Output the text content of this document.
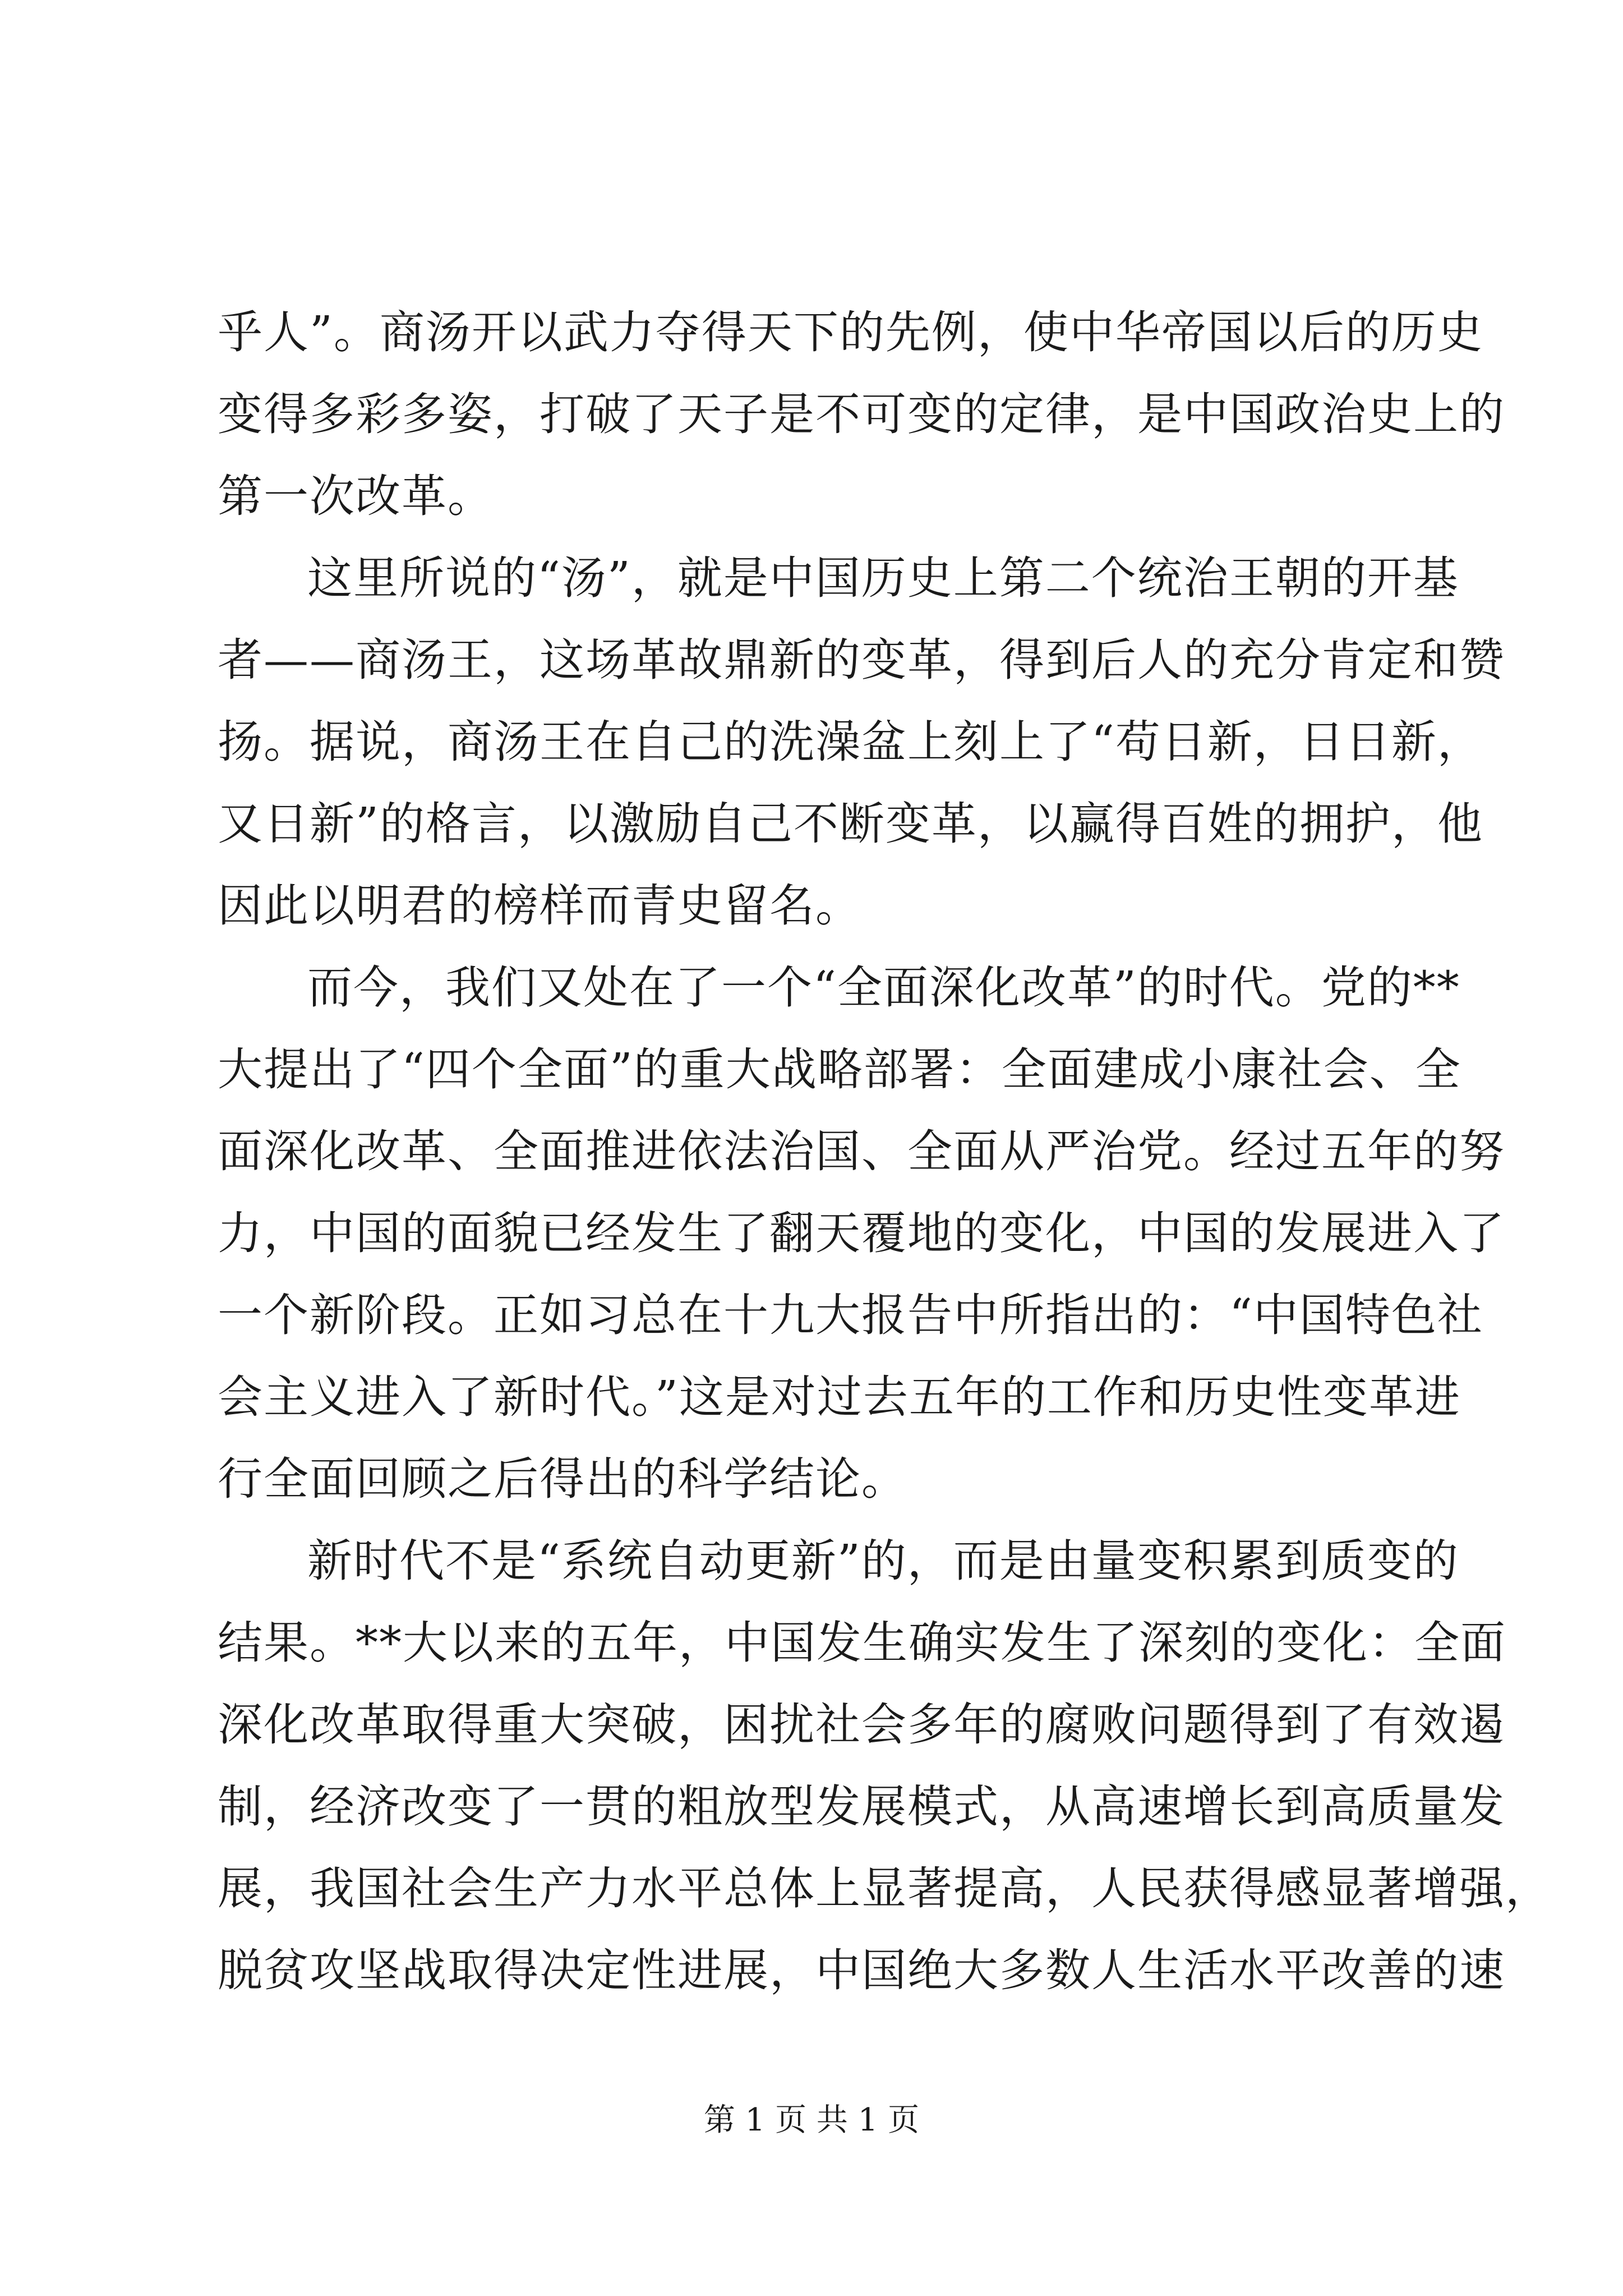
乎人”。商汤开以武力夺得天下的先例，使中华帝国以后的历史
变得多彩多姿，打破了天子是不可变的定律，是中国政治史上的
第一次改革。
这里所说的“汤”，就是中国历史上第二个统治王朝的开基
者——商汤王，这场革故鼎新的变革，得到后人的充分肯定和赞
扬。据说，商汤王在自己的洗澡盆上刻上了“苟日新，日日新，
又日新”的格言，以激励自己不断变革，以赢得百姓的拥护，他
因此以明君的榜样而青史留名。
而今，我们又处在了一个“全面深化改革”的时代。党的**
大提出了“四个全面”的重大战略部署：全面建成小康社会、全
面深化改革、全面推进依法治国、全面从严治党。经过五年的努
力，中国的面貌已经发生了翻天覆地的变化，中国的发展进入了
一个新阶段。正如习总在十九大报告中所指出的：“中国特色社
会主义进入了新时代。”这是对过去五年的工作和历史性变革进
行全面回顾之后得出的科学结论。
新时代不是“系统自动更新”的，而是由量变积累到质变的
结果。**大以来的五年，中国发生确实发生了深刻的变化：全面
深化改革取得重大突破，困扰社会多年的腐败问题得到了有效遏
制，经济改变了一贯的粗放型发展模式，从高速增长到高质量发
展，我国社会生产力水平总体上显著提高，人民获得感显著增强，
脱贫攻坚战取得决定性进展，中国绝大多数人生活水平改善的速
第 1 页 共 1 页
